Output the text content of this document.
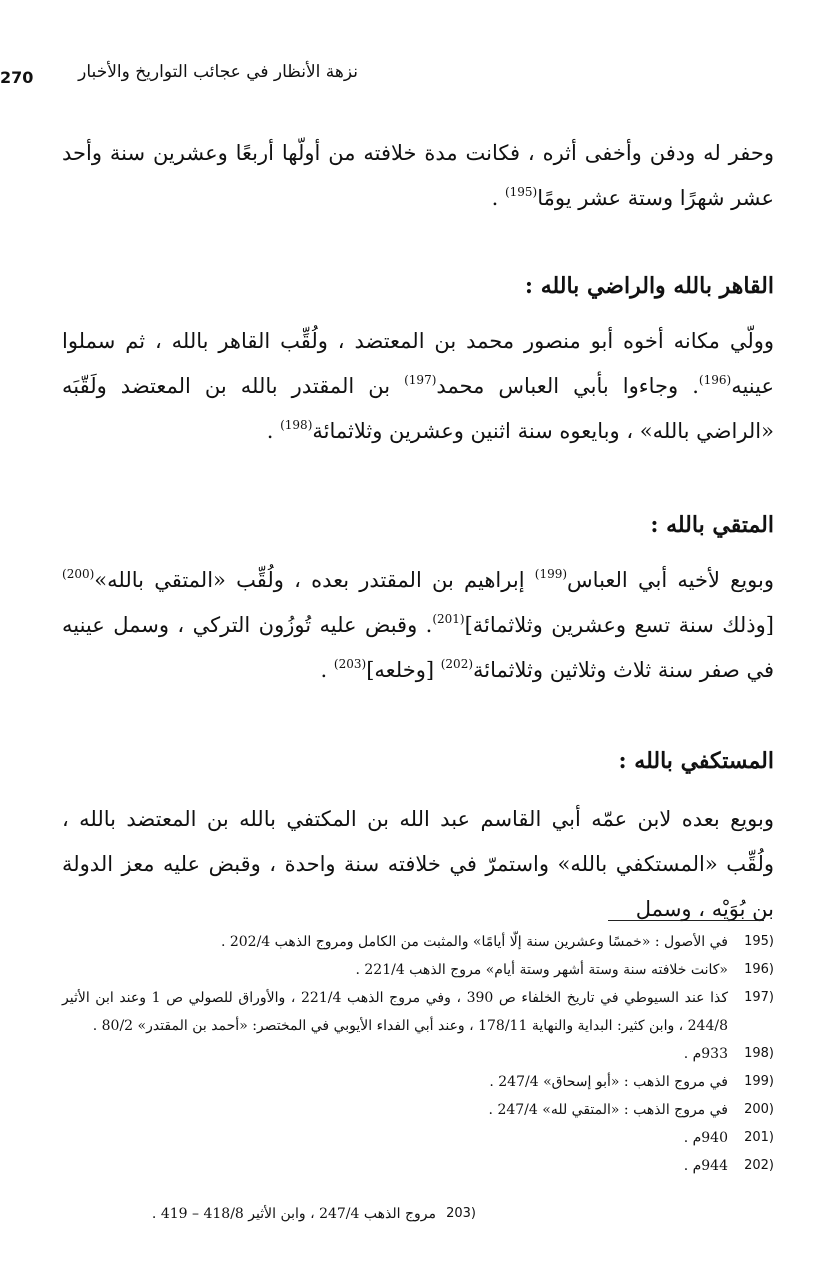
270	نزهة الأنظار في عجائب التواريخ والأخبار
وحفر له ودفن وأخفى أثره ، فكانت مدة خلافته من أولّها أربعًا وعشرين سنة وأحد عشر شهرًا وستة عشر يومًا$^{(195)}$ .
القاهر بالله والراضي بالله :
وولّي مكانه أخوه أبو منصور محمد بن المعتضد ، ولُقِّب القاهر بالله ، ثم سملوا عينيه$^{(196)}$. وجاءوا بأبي العباس محمد$^{(197)}$ بن المقتدر بالله بن المعتضد ولَقّبَه «الراضي بالله» ، وبايعوه سنة اثنين وعشرين وثلاثمائة$^{(198)}$ .
المتقي بالله :
وبويع لأخيه أبي العباس$^{(199)}$ إبراهيم بن المقتدر بعده ، ولُقِّب «المتقي بالله»$^{(200)}$ [وذلك سنة تسع وعشرين وثلاثمائة]$^{(201)}$. وقبض عليه تُوزُون التركي ، وسمل عينيه في صفر سنة ثلاث وثلاثين وثلاثمائة$^{(202)}$ [وخلعه]$^{(203)}$ .
المستكفي بالله :
وبويع بعده لابن عمّه أبي القاسم عبد الله بن المكتفي بالله بن المعتضد بالله ، ولُقِّب «المستكفي بالله» واستمرّ في خلافته سنة واحدة ، وقبض عليه معز الدولة بن بُوَيْه ، وسمل
195)
في الأصول : «خمسًا وعشرين سنة إلّا أيامًا» والمثبت من الكامل ومروج الذهب 202/4 .
196)
«كانت خلافته سنة وستة أشهر وستة أيام» مروج الذهب 221/4 .
197)
كذا عند السيوطي في تاريخ الخلفاء ص 390 ، وفي مروج الذهب 221/4 ، والأوراق للصولي ص 1 وعند ابن الأثير 244/8 ، وابن كثير: البداية والنهاية 178/11 ، وعند أبي الفداء الأيوبي في المختصر: «أحمد بن المقتدر» 80/2 .
198)
933م .
199)
في مروج الذهب : «أبو إسحاق» 247/4 .
200)
في مروج الذهب : «المتقي لله» 247/4 .
201)
940م .
202)
944م .
203)
مروج الذهب 247/4 ، وابن الأثير 418/8 – 419 .
